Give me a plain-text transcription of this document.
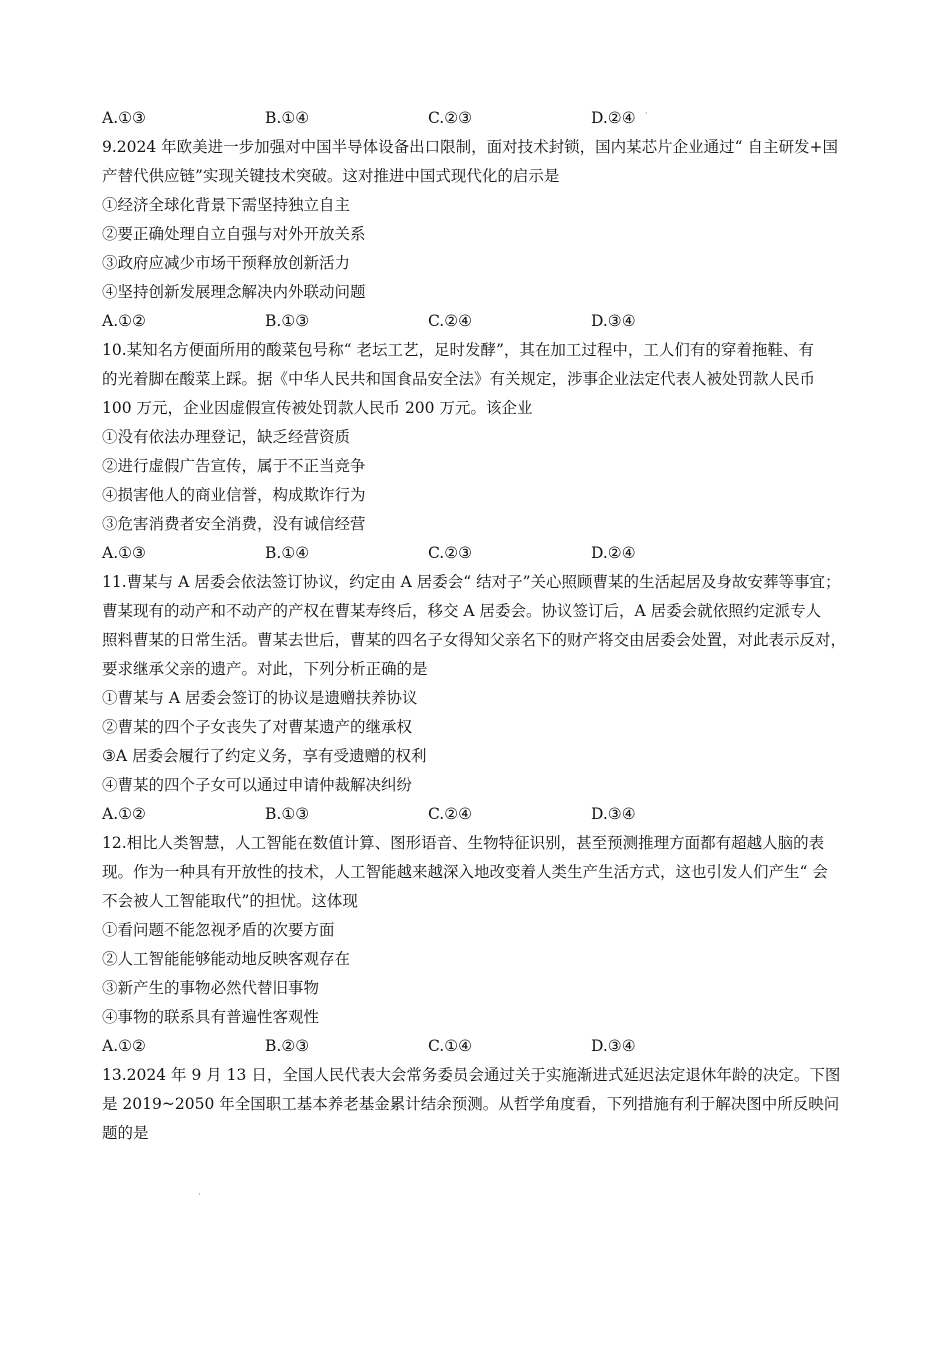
A.①③	B.①④	C.②③	D.②④
9.2024 年欧美进一步加强对中国半导体设备出口限制，面对技术封锁，国内某芯片企业通过“ 自主研发+国
产替代供应链”实现关键技术突破。这对推进中国式现代化的启示是
①经济全球化背景下需坚持独立自主
②要正确处理自立自强与对外开放关系
③政府应减少市场干预释放创新活力
④坚持创新发展理念解决内外联动问题
A.①②	B.①③	C.②④	D.③④
10.某知名方便面所用的酸菜包号称“ 老坛工艺，足时发酵”，其在加工过程中，工人们有的穿着拖鞋、有
的光着脚在酸菜上踩。据《中华人民共和国食品安全法》有关规定，涉事企业法定代表人被处罚款人民币
100 万元，企业因虚假宣传被处罚款人民币 200 万元。该企业
①没有依法办理登记，缺乏经营资质
②进行虚假广告宣传，属于不正当竞争
④损害他人的商业信誉，构成欺诈行为
③危害消费者安全消费，没有诚信经营
A.①③	B.①④	C.②③	D.②④
11.曹某与 A 居委会依法签订协议，约定由 A 居委会“ 结对子”关心照顾曹某的生活起居及身故安葬等事宜；
曹某现有的动产和不动产的产权在曹某寿终后，移交 A 居委会。协议签订后，A 居委会就依照约定派专人
照料曹某的日常生活。曹某去世后，曹某的四名子女得知父亲名下的财产将交由居委会处置，对此表示反对，
要求继承父亲的遗产。对此，下列分析正确的是
①曹某与 A 居委会签订的协议是遗赠扶养协议
②曹某的四个子女丧失了对曹某遗产的继承权
③A 居委会履行了约定义务，享有受遗赠的权利
④曹某的四个子女可以通过申请仲裁解决纠纷
A.①②	B.①③	C.②④	D.③④
12.相比人类智慧，人工智能在数值计算、图形语音、生物特征识别，甚至预测推理方面都有超越人脑的表
现。作为一种具有开放性的技术，人工智能越来越深入地改变着人类生产生活方式，这也引发人们产生“ 会
不会被人工智能取代”的担忧。这体现
①看问题不能忽视矛盾的次要方面
②人工智能能够能动地反映客观存在
③新产生的事物必然代替旧事物
④事物的联系具有普遍性客观性
A.①②	B.②③	C.①④	D.③④
13.2024 年 9 月 13 日，全国人民代表大会常务委员会通过关于实施渐进式延迟法定退休年龄的决定。下图
是 2019~2050 年全国职工基本养老基金累计结余预测。从哲学角度看，下列措施有利于解决图中所反映问
题的是
·
·
